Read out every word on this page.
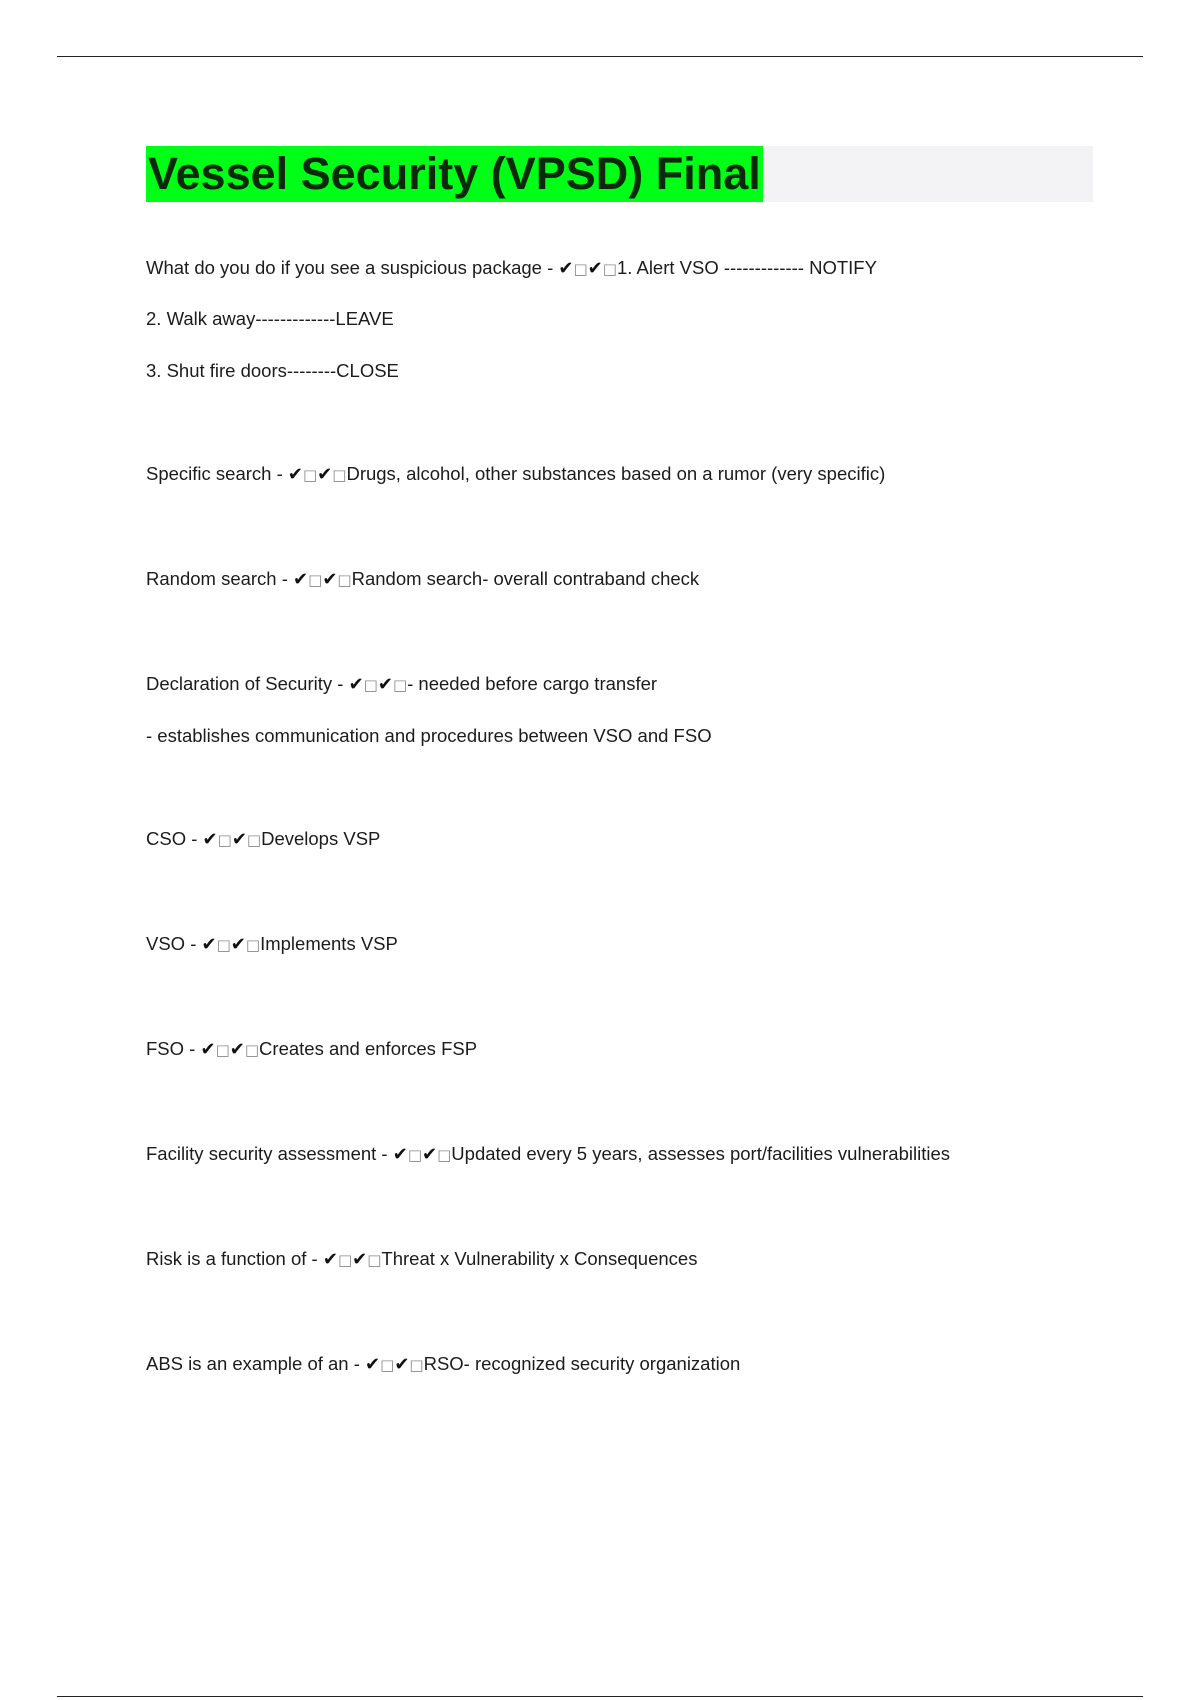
Vessel Security (VPSD) Final
What do you do if you see a suspicious package - ✔□✔□1. Alert VSO ------------- NOTIFY
2. Walk away-------------LEAVE
3. Shut fire doors--------CLOSE
Specific search - ✔□✔□Drugs, alcohol, other substances based on a rumor (very specific)
Random search - ✔□✔□Random search- overall contraband check
Declaration of Security - ✔□✔□- needed before cargo transfer
- establishes communication and procedures between VSO and FSO
CSO - ✔□✔□Develops VSP
VSO - ✔□✔□Implements VSP
FSO - ✔□✔□Creates and enforces FSP
Facility security assessment - ✔□✔□Updated every 5 years, assesses port/facilities vulnerabilities
Risk is a function of - ✔□✔□Threat x Vulnerability x Consequences
ABS is an example of an - ✔□✔□RSO- recognized security organization
